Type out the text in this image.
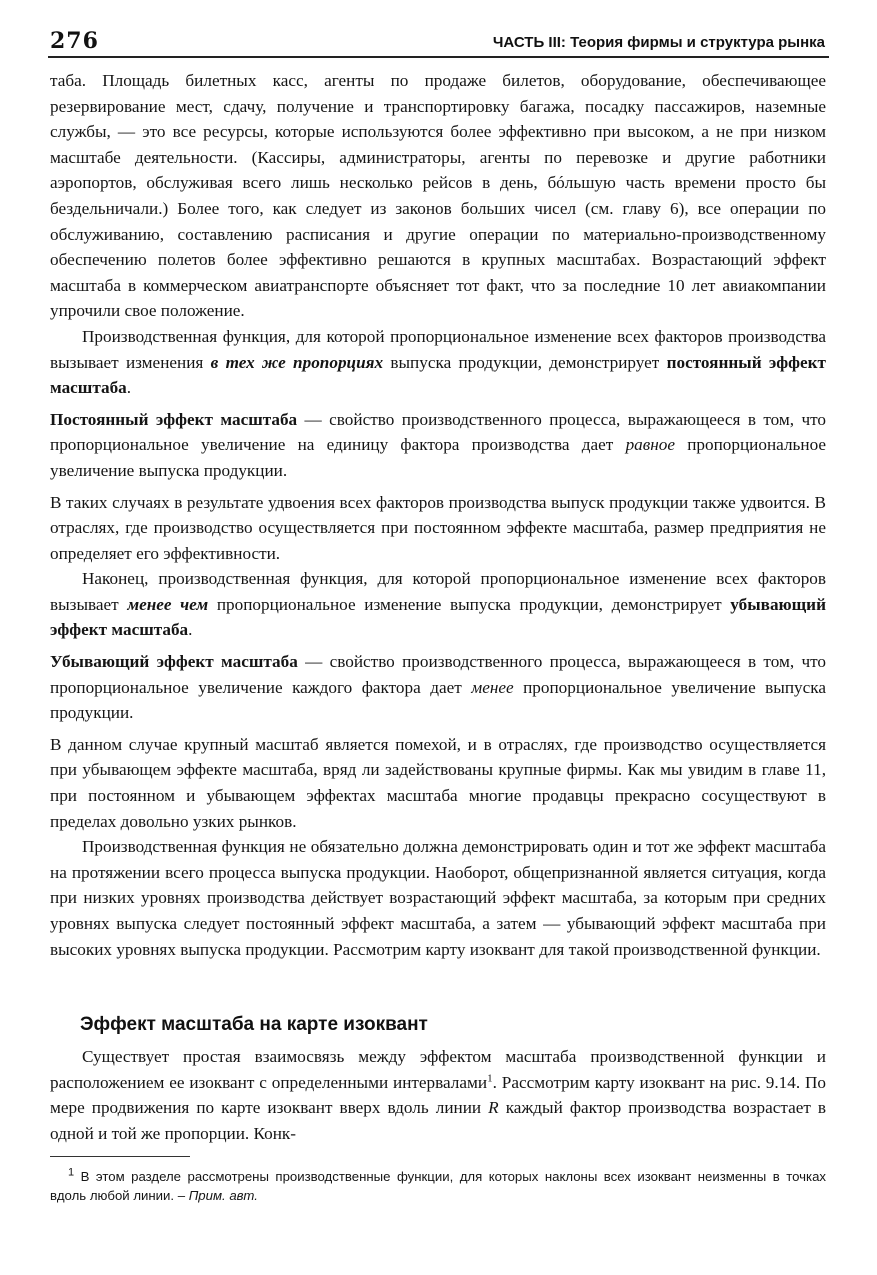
276	ЧАСТЬ III: Теория фирмы и структура рынка

таба. Площадь билетных касс, агенты по продаже билетов, оборудование, обеспечивающее резервирование мест, сдачу, получение и транспортировку багажа, посадку пассажиров, наземные службы, — это все ресурсы, которые используются более эффективно при высоком, а не при низком масштабе деятельности. (Кассиры, администраторы, агенты по перевозке и другие работники аэропортов, обслуживая всего лишь несколько рейсов в день, бóльшую часть времени просто бы бездельничали.) Более того, как следует из законов больших чисел (см. главу 6), все операции по обслуживанию, составлению расписания и другие операции по материально-производственному обеспечению полетов более эффективно решаются в крупных масштабах. Возрастающий эффект масштаба в коммерческом авиатранспорте объясняет тот факт, что за последние 10 лет авиакомпании упрочили свое положение.

Производственная функция, для которой пропорциональное изменение всех факторов производства вызывает изменения в тех же пропорциях выпуска продукции, демонстрирует постоянный эффект масштаба.

Постоянный эффект масштаба — свойство производственного процесса, выражающееся в том, что пропорциональное увеличение на единицу фактора производства дает равное пропорциональное увеличение выпуска продукции.

В таких случаях в результате удвоения всех факторов производства выпуск продукции также удвоится. В отраслях, где производство осуществляется при постоянном эффекте масштаба, размер предприятия не определяет его эффективности.

Наконец, производственная функция, для которой пропорциональное изменение всех факторов вызывает менее чем пропорциональное изменение выпуска продукции, демонстрирует убывающий эффект масштаба.

Убывающий эффект масштаба — свойство производственного процесса, выражающееся в том, что пропорциональное увеличение каждого фактора дает менее пропорциональное увеличение выпуска продукции.

В данном случае крупный масштаб является помехой, и в отраслях, где производство осуществляется при убывающем эффекте масштаба, вряд ли задействованы крупные фирмы. Как мы увидим в главе 11, при постоянном и убывающем эффектах масштаба многие продавцы прекрасно сосуществуют в пределах довольно узких рынков.

Производственная функция не обязательно должна демонстрировать один и тот же эффект масштаба на протяжении всего процесса выпуска продукции. Наоборот, общепризнанной является ситуация, когда при низких уровнях производства действует возрастающий эффект масштаба, за которым при средних уровнях выпуска следует постоянный эффект масштаба, а затем — убывающий эффект масштаба при высоких уровнях выпуска продукции. Рассмотрим карту изоквант для такой производственной функции.

Эффект масштаба на карте изоквант

Существует простая взаимосвязь между эффектом масштаба производственной функции и расположением ее изоквант с определенными интервалами$^1$. Рассмотрим карту изоквант на рис. 9.14. По мере продвижения по карте изоквант вверх вдоль линии R каждый фактор производства возрастает в одной и той же пропорции. Конк-

$^1$ В этом разделе рассмотрены производственные функции, для которых наклоны всех изоквант неизменны в точках вдоль любой линии. – Прим. авт.
